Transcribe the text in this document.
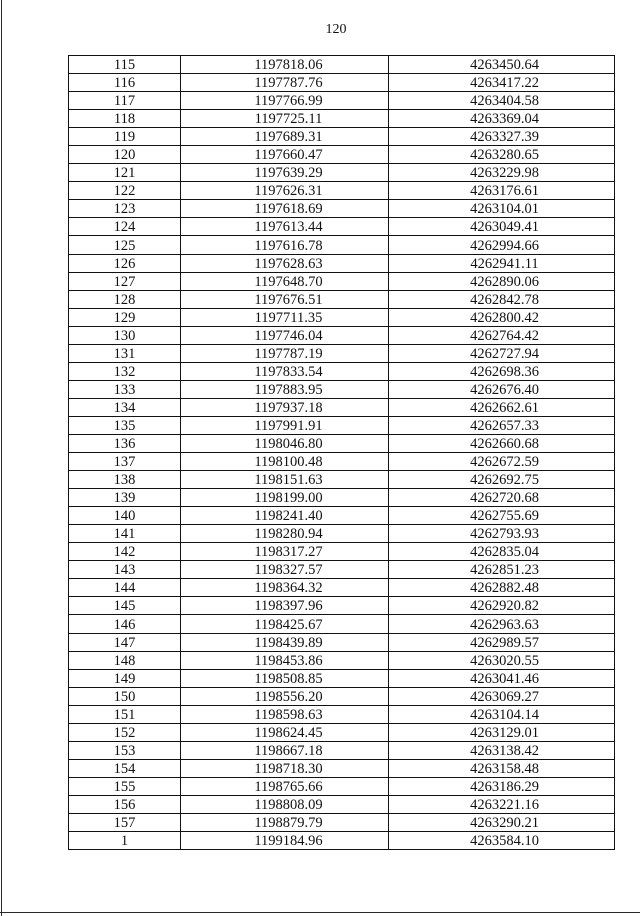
120
115	1197818.06	4263450.64
116	1197787.76	4263417.22
117	1197766.99	4263404.58
118	1197725.11	4263369.04
119	1197689.31	4263327.39
120	1197660.47	4263280.65
121	1197639.29	4263229.98
122	1197626.31	4263176.61
123	1197618.69	4263104.01
124	1197613.44	4263049.41
125	1197616.78	4262994.66
126	1197628.63	4262941.11
127	1197648.70	4262890.06
128	1197676.51	4262842.78
129	1197711.35	4262800.42
130	1197746.04	4262764.42
131	1197787.19	4262727.94
132	1197833.54	4262698.36
133	1197883.95	4262676.40
134	1197937.18	4262662.61
135	1197991.91	4262657.33
136	1198046.80	4262660.68
137	1198100.48	4262672.59
138	1198151.63	4262692.75
139	1198199.00	4262720.68
140	1198241.40	4262755.69
141	1198280.94	4262793.93
142	1198317.27	4262835.04
143	1198327.57	4262851.23
144	1198364.32	4262882.48
145	1198397.96	4262920.82
146	1198425.67	4262963.63
147	1198439.89	4262989.57
148	1198453.86	4263020.55
149	1198508.85	4263041.46
150	1198556.20	4263069.27
151	1198598.63	4263104.14
152	1198624.45	4263129.01
153	1198667.18	4263138.42
154	1198718.30	4263158.48
155	1198765.66	4263186.29
156	1198808.09	4263221.16
157	1198879.79	4263290.21
1	1199184.96	4263584.10
